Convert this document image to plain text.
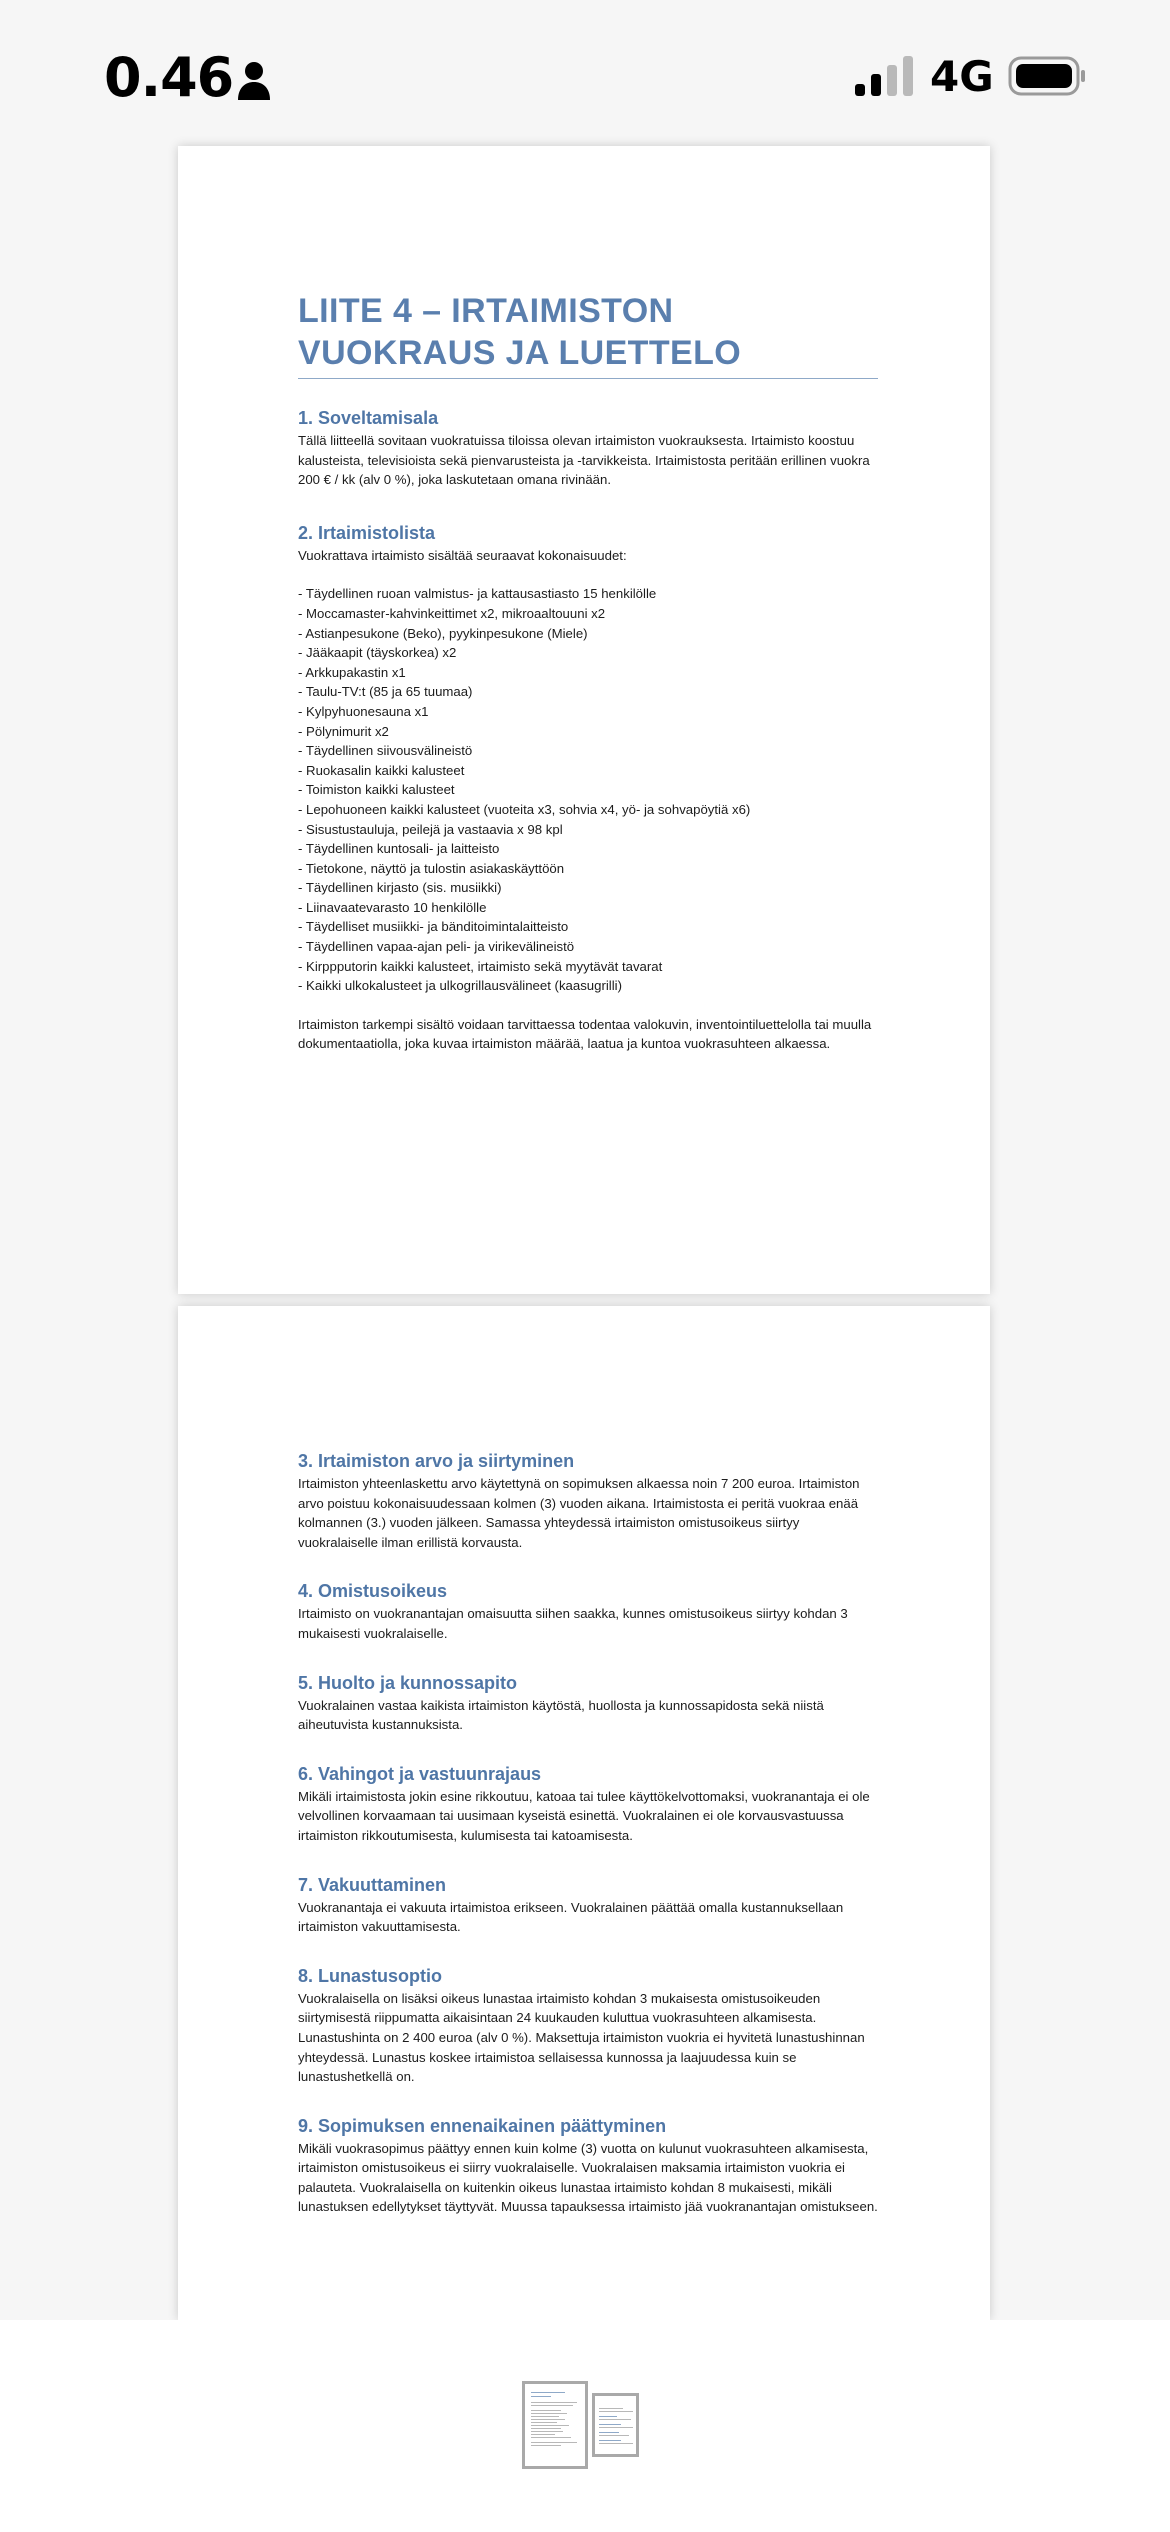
0.46	4G
LIITE 4 – IRTAIMISTON VUOKRAUS JA LUETTELO
1. Soveltamisala

Tällä liitteellä sovitaan vuokratuissa tiloissa olevan irtaimiston vuokrauksesta. Irtaimisto koostuu kalusteista, televisioista sekä pienvarusteista ja -tarvikkeista. Irtaimistosta peritään erillinen vuokra 200 € / kk (alv 0 %), joka laskutetaan omana rivinään.

2. Irtaimistolista

Vuokrattava irtaimisto sisältää seuraavat kokonaisuudet:

- Täydellinen ruoan valmistus- ja kattausastiasto 15 henkilölle
- Moccamaster-kahvinkeittimet x2, mikroaaltouuni x2
- Astianpesukone (Beko), pyykinpesukone (Miele)
- Jääkaapit (täyskorkea) x2
- Arkkupakastin x1
- Taulu-TV:t (85 ja 65 tuumaa)
- Kylpyhuonesauna x1
- Pölynimurit x2
- Täydellinen siivousvälineistö
- Ruokasalin kaikki kalusteet
- Toimiston kaikki kalusteet
- Lepohuoneen kaikki kalusteet (vuoteita x3, sohvia x4, yö- ja sohvapöytiä x6)
- Sisustustauluja, peilejä ja vastaavia x 98 kpl
- Täydellinen kuntosali- ja laitteisto
- Tietokone, näyttö ja tulostin asiakaskäyttöön
- Täydellinen kirjasto (sis. musiikki)
- Liinavaatevarasto 10 henkilölle
- Täydelliset musiikki- ja bänditoimintalaitteisto
- Täydellinen vapaa-ajan peli- ja virikevälineistö
- Kirppputorin kaikki kalusteet, irtaimisto sekä myytävät tavarat
- Kaikki ulkokalusteet ja ulkogrillausvälineet (kaasugrilli)

Irtaimiston tarkempi sisältö voidaan tarvittaessa todentaa valokuvin, inventointiluettelolla tai muulla dokumentaatiolla, joka kuvaa irtaimiston määrää, laatua ja kuntoa vuokrasuhteen alkaessa.

3. Irtaimiston arvo ja siirtyminen

Irtaimiston yhteenlaskettu arvo käytettynä on sopimuksen alkaessa noin 7 200 euroa. Irtaimiston arvo poistuu kokonaisuudessaan kolmen (3) vuoden aikana. Irtaimistosta ei peritä vuokraa enää kolmannen (3.) vuoden jälkeen. Samassa yhteydessä irtaimiston omistusoikeus siirtyy vuokralaiselle ilman erillistä korvausta.

4. Omistusoikeus

Irtaimisto on vuokranantajan omaisuutta siihen saakka, kunnes omistusoikeus siirtyy kohdan 3 mukaisesti vuokralaiselle.

5. Huolto ja kunnossapito

Vuokralainen vastaa kaikista irtaimiston käytöstä, huollosta ja kunnossapidosta sekä niistä aiheutuvista kustannuksista.

6. Vahingot ja vastuunrajaus

Mikäli irtaimistosta jokin esine rikkoutuu, katoaa tai tulee käyttökelvottomaksi, vuokranantaja ei ole velvollinen korvaamaan tai uusimaan kyseistä esinettä. Vuokralainen ei ole korvausvastuussa irtaimiston rikkoutumisesta, kulumisesta tai katoamisesta.

7. Vakuuttaminen

Vuokranantaja ei vakuuta irtaimistoa erikseen. Vuokralainen päättää omalla kustannuksellaan irtaimiston vakuuttamisesta.

8. Lunastusoptio

Vuokralaisella on lisäksi oikeus lunastaa irtaimisto kohdan 3 mukaisesta omistusoikeuden siirtymisestä riippumatta aikaisintaan 24 kuukauden kuluttua vuokrasuhteen alkamisesta. Lunastushinta on 2 400 euroa (alv 0 %). Maksettuja irtaimiston vuokria ei hyvitetä lunastushinnan yhteydessä. Lunastus koskee irtaimistoa sellaisessa kunnossa ja laajuudessa kuin se lunastushetkellä on.

9. Sopimuksen ennenaikainen päättyminen

Mikäli vuokrasopimus päättyy ennen kuin kolme (3) vuotta on kulunut vuokrasuhteen alkamisesta, irtaimiston omistusoikeus ei siirry vuokralaiselle. Vuokralaisen maksamia irtaimiston vuokria ei palauteta. Vuokralaisella on kuitenkin oikeus lunastaa irtaimisto kohdan 8 mukaisesti, mikäli lunastuksen edellytykset täyttyvät. Muussa tapauksessa irtaimisto jää vuokranantajan omistukseen.
